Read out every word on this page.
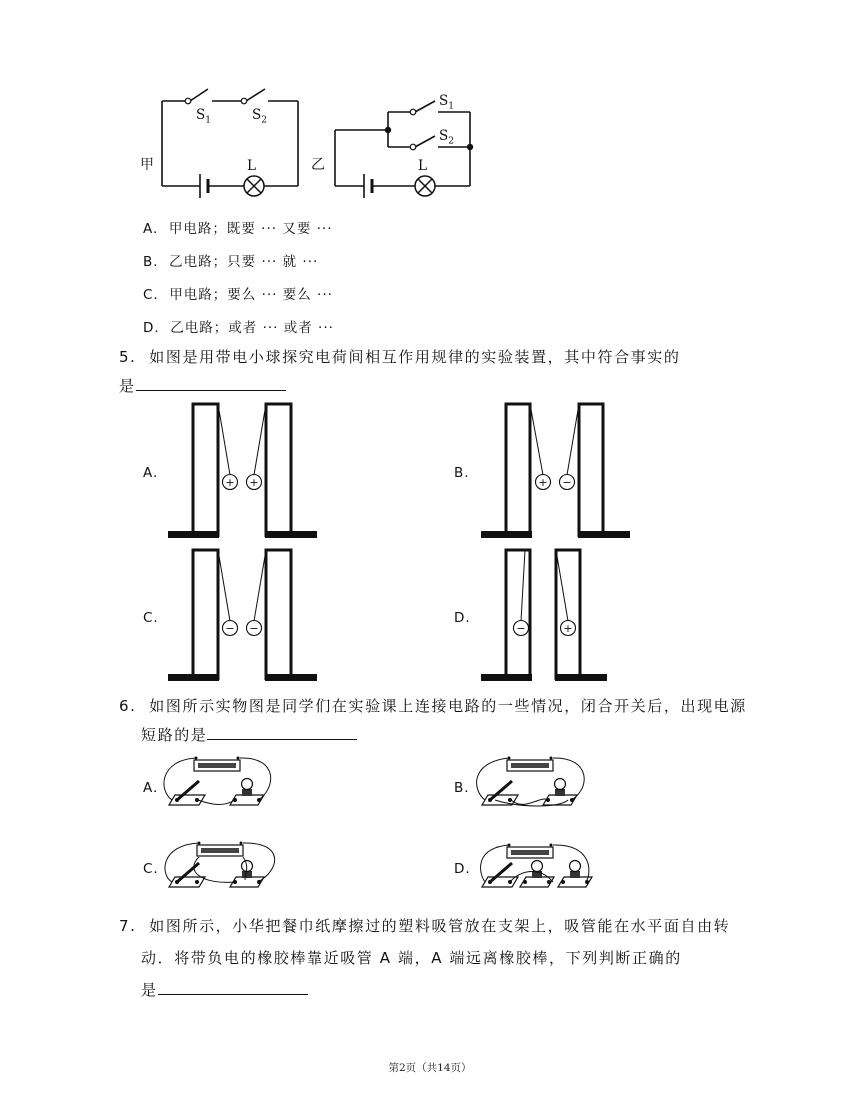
甲	乙
$S_1$	$S_2$
L
$S_1$
$S_2$
L
A. 甲电路；既要 ··· 又要 ···
B. 乙电路；只要 ··· 就 ···
C. 甲电路；要么 ··· 要么 ···
D. 乙电路；或者 ··· 或者 ···
5. 如图是用带电小球探究电荷间相互作用规律的实验装置，其中符合事实的
是
+ +	+ −
− −	−	+
A.	B.
C.	D.
6. 如图所示实物图是同学们在实验课上连接电路的一些情况，闭合开关后，出现电源
短路的是
A.	B.
C.	D.
7. 如图所示，小华把餐巾纸摩擦过的塑料吸管放在支架上，吸管能在水平面自由转
动．将带负电的橡胶棒靠近吸管 A 端，A 端远离橡胶棒，下列判断正确的
是
第2页（共14页）
